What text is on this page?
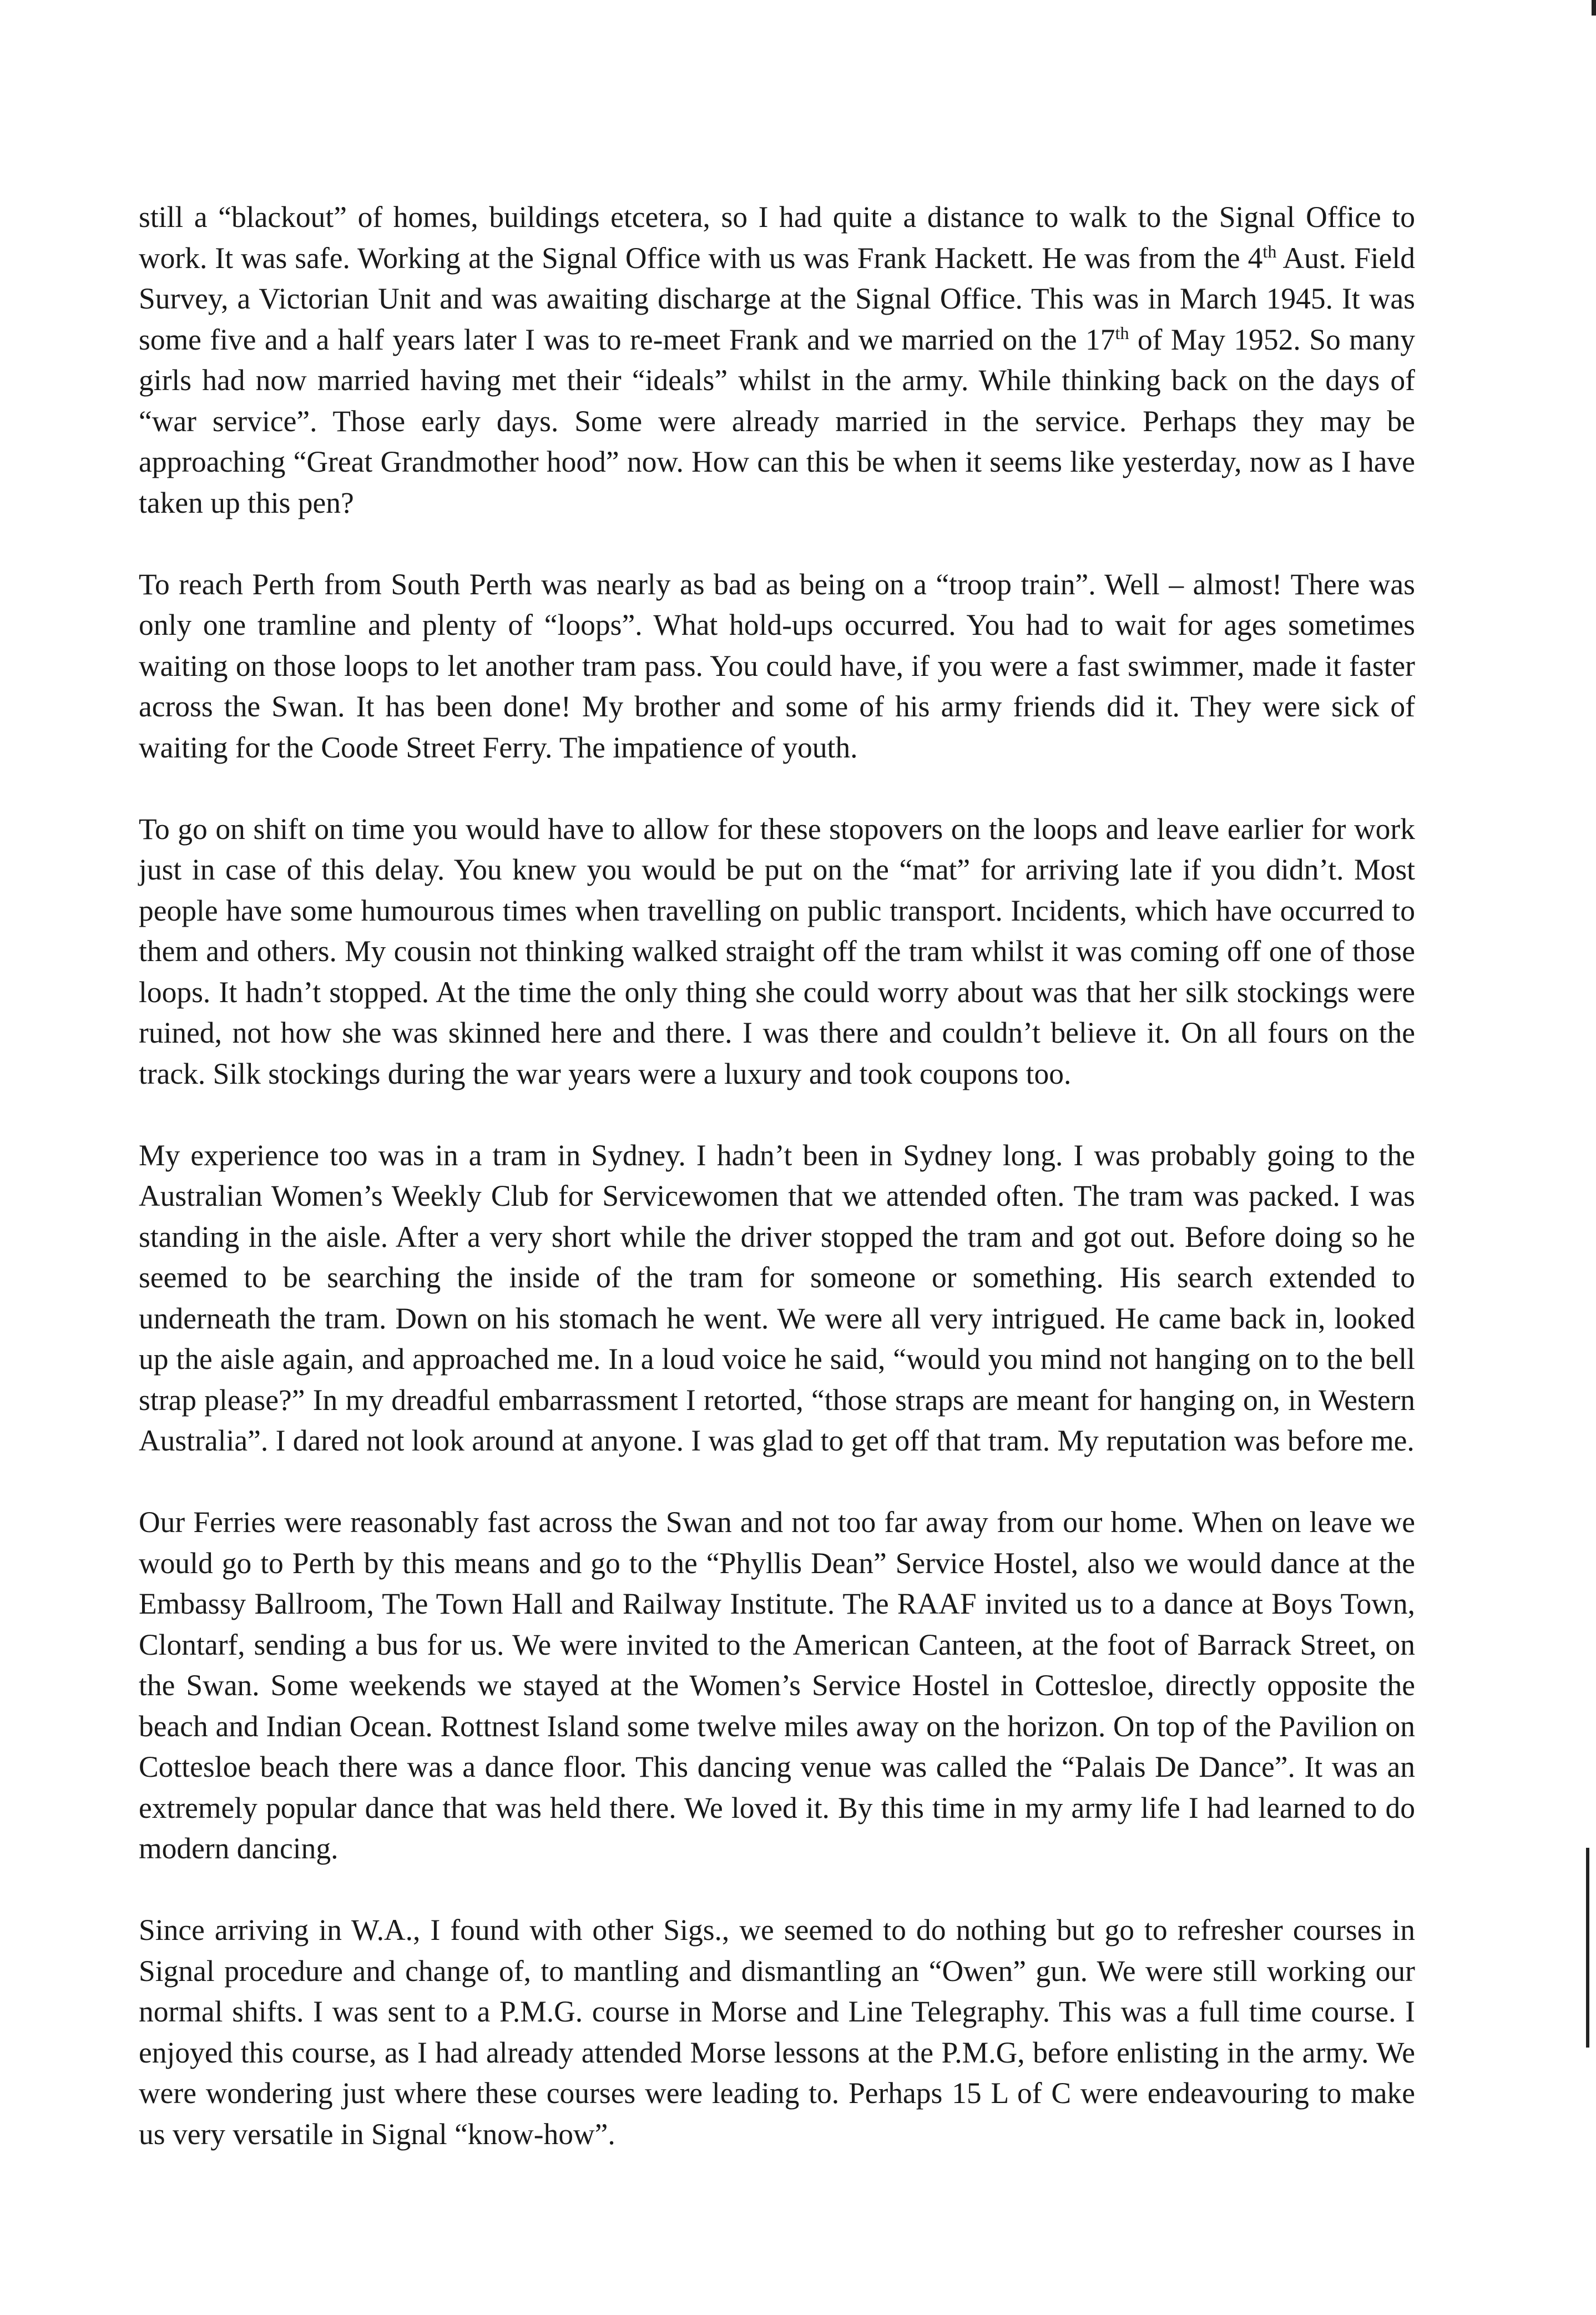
still a “blackout” of homes, buildings etcetera, so I had quite a distance to walk to the Signal Office to work. It was safe. Working at the Signal Office with us was Frank Hackett. He was from the 4th Aust. Field Survey, a Victorian Unit and was awaiting discharge at the Signal Office. This was in March 1945. It was some five and a half years later I was to re-meet Frank and we married on the 17th of May 1952. So many girls had now married having met their “ideals” whilst in the army. While thinking back on the days of “war service”. Those early days. Some were already married in the service. Perhaps they may be approaching “Great Grandmother hood” now. How can this be when it seems like yesterday, now as I have taken up this pen?

To reach Perth from South Perth was nearly as bad as being on a “troop train”. Well – almost! There was only one tramline and plenty of “loops”. What hold-ups occurred. You had to wait for ages sometimes waiting on those loops to let another tram pass. You could have, if you were a fast swimmer, made it faster across the Swan. It has been done! My brother and some of his army friends did it. They were sick of waiting for the Coode Street Ferry. The impatience of youth.

To go on shift on time you would have to allow for these stopovers on the loops and leave earlier for work just in case of this delay. You knew you would be put on the “mat” for arriving late if you didn’t. Most people have some humourous times when travelling on public transport. Incidents, which have occurred to them and others. My cousin not thinking walked straight off the tram whilst it was coming off one of those loops. It hadn’t stopped. At the time the only thing she could worry about was that her silk stockings were ruined, not how she was skinned here and there. I was there and couldn’t believe it. On all fours on the track. Silk stockings during the war years were a luxury and took coupons too.

My experience too was in a tram in Sydney. I hadn’t been in Sydney long. I was probably going to the Australian Women’s Weekly Club for Servicewomen that we attended often. The tram was packed. I was standing in the aisle. After a very short while the driver stopped the tram and got out. Before doing so he seemed to be searching the inside of the tram for someone or something. His search extended to underneath the tram. Down on his stomach he went. We were all very intrigued. He came back in, looked up the aisle again, and approached me. In a loud voice he said, “would you mind not hanging on to the bell strap please?” In my dreadful embarrassment I retorted, “those straps are meant for hanging on, in Western Australia”. I dared not look around at anyone. I was glad to get off that tram. My reputation was before me.

Our Ferries were reasonably fast across the Swan and not too far away from our home. When on leave we would go to Perth by this means and go to the “Phyllis Dean” Service Hostel, also we would dance at the Embassy Ballroom, The Town Hall and Railway Institute. The RAAF invited us to a dance at Boys Town, Clontarf, sending a bus for us. We were invited to the American Canteen, at the foot of Barrack Street, on the Swan. Some weekends we stayed at the Women’s Service Hostel in Cottesloe, directly opposite the beach and Indian Ocean. Rottnest Island some twelve miles away on the horizon. On top of the Pavilion on Cottesloe beach there was a dance floor. This dancing venue was called the “Palais De Dance”. It was an extremely popular dance that was held there. We loved it. By this time in my army life I had learned to do modern dancing.

Since arriving in W.A., I found with other Sigs., we seemed to do nothing but go to refresher courses in Signal procedure and change of, to mantling and dismantling an “Owen” gun. We were still working our normal shifts. I was sent to a P.M.G. course in Morse and Line Telegraphy. This was a full time course. I enjoyed this course, as I had already attended Morse lessons at the P.M.G, before enlisting in the army. We were wondering just where these courses were leading to. Perhaps 15 L of C were endeavouring to make us very versatile in Signal “know-how”.
